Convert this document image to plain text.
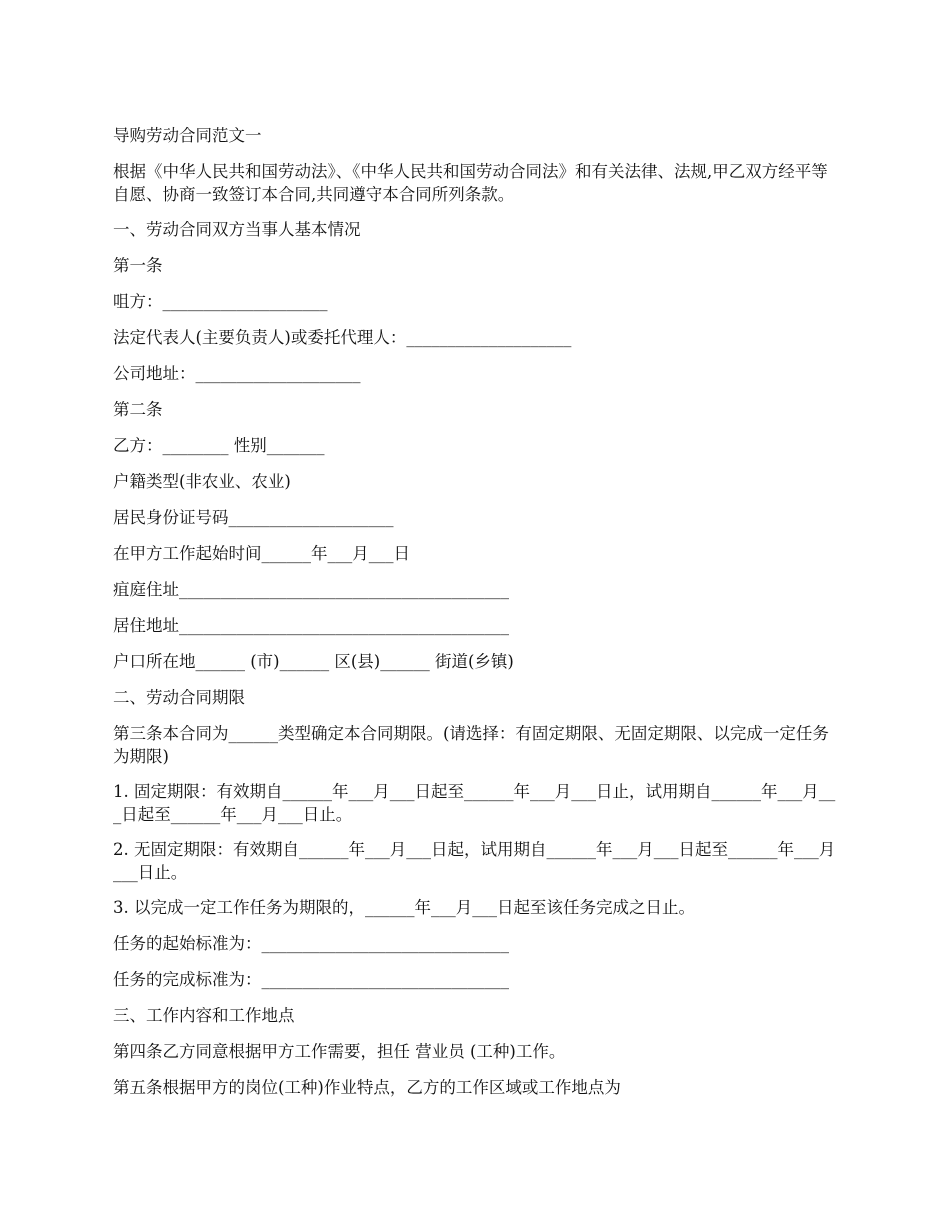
导购劳动合同范文一

根据《中华人民共和国劳动法》、《中华人民共和国劳动合同法》和有关法律、法规,甲乙双方经平等自愿、协商一致签订本合同,共同遵守本合同所列条款。

一、劳动合同双方当事人基本情况

第一条

咀方：____________________

法定代表人(主要负责人)或委托代理人：____________________

公司地址：____________________

第二条

乙方：________ 性别_______

户籍类型(非农业、农业)

居民身份证号码____________________

在甲方工作起始时间______年___月___日

疽庭住址________________________________________

居住地址________________________________________

户口所在地______ (市)______ 区(县)______ 街道(乡镇)

二、劳动合同期限

第三条本合同为______类型确定本合同期限。(请选择：有固定期限、无固定期限、以完成一定任务为期限)

1. 固定期限：有效期自______年___月___日起至______年___月___日止，试用期自______年___月___日起至______年___月___日止。

2. 无固定期限：有效期自______年___月___日起，试用期自______年___月___日起至______年___月___日止。

3. 以完成一定工作任务为期限的，______年___月___日起至该任务完成之日止。

任务的起始标准为：______________________________

任务的完成标准为：______________________________

三、工作内容和工作地点

第四条乙方同意根据甲方工作需要，担任 营业员 (工种)工作。

第五条根据甲方的岗位(工种)作业特点，乙方的工作区域或工作地点为
